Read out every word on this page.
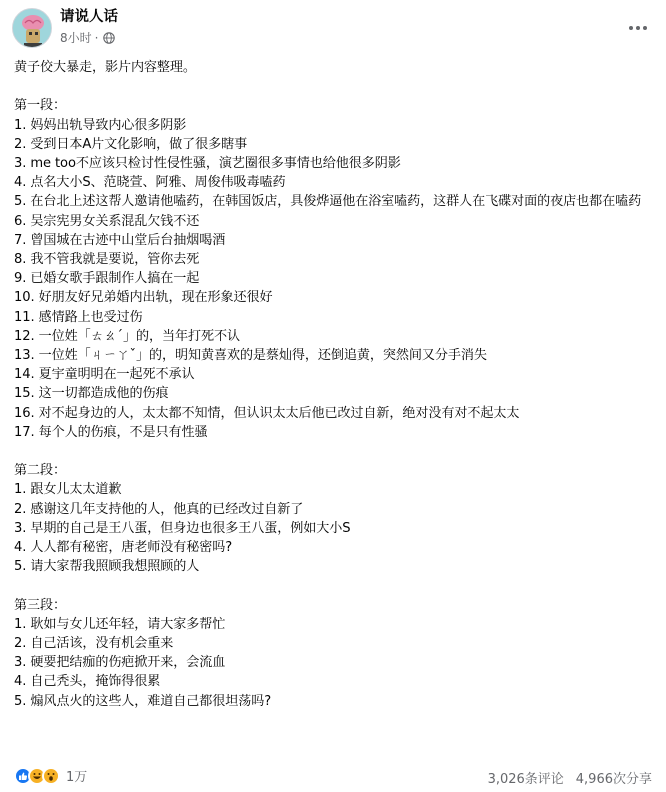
请说人话
8小时 ·

黄子佼大暴走，影片内容整理。

第一段：

1. 妈妈出轨导致内心很多阴影

2. 受到日本A片文化影响，做了很多瞎事

3. me too不应该只检讨性侵性骚，演艺圈很多事情也给他很多阴影

4. 点名大小S、范晓萱、阿雅、周俊伟吸毒嗑药

5. 在台北上述这帮人邀请他嗑药，在韩国饭店，具俊烨逼他在浴室嗑药，这群人在飞碟对面的夜店也都在嗑药

6. 吴宗宪男女关系混乱欠钱不还

7. 曾国城在古迹中山堂后台抽烟喝酒

8. 我不管我就是要说，管你去死

9. 已婚女歌手跟制作人搞在一起

10. 好朋友好兄弟婚内出轨，现在形象还很好

11. 感情路上也受过伤

12. 一位姓「ㄊㄠˊ」的，当年打死不认

13. 一位姓「ㄐㄧㄚˇ」的，明知黄喜欢的是蔡灿得，还倒追黄，突然间又分手消失

14. 夏宇童明明在一起死不承认

15. 这一切都造成他的伤痕

16. 对不起身边的人，太太都不知情，但认识太太后他已改过自新，绝对没有对不起太太

17. 每个人的伤痕，不是只有性骚

第二段：

1. 跟女儿太太道歉

2. 感谢这几年支持他的人，他真的已经改过自新了

3. 早期的自己是王八蛋，但身边也很多王八蛋，例如大小S

4. 人人都有秘密，唐老师没有秘密吗?

5. 请大家帮我照顾我想照顾的人

第三段：

1. 耿如与女儿还年轻，请大家多帮忙

2. 自己活该，没有机会重来

3. 硬要把结痂的伤疤掀开来，会流血

4. 自己秃头，掩饰得很累

5. 煽风点火的这些人，难道自己都很坦荡吗?

1万	3,026条评论 4,966次分享
